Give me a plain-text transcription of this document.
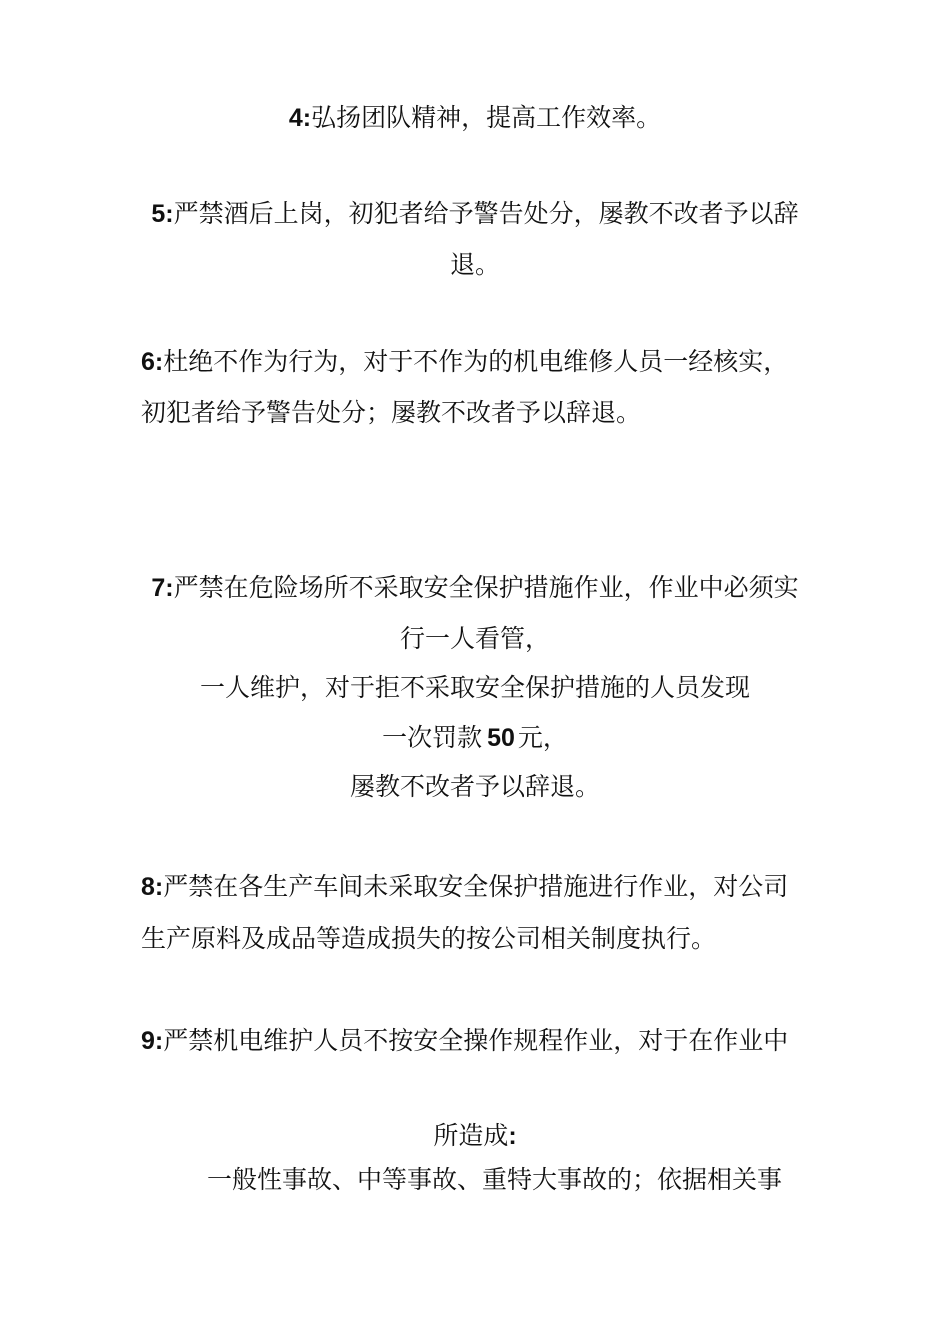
4:弘扬团队精神，提高工作效率。
5:严禁酒后上岗，初犯者给予警告处分，屡教不改者予以辞
退。
6:杜绝不作为行为，对于不作为的机电维修人员一经核实，
初犯者给予警告处分；屡教不改者予以辞退。
7:严禁在危险场所不采取安全保护措施作业，作业中必须实
行一人看管，
一人维护，对于拒不采取安全保护措施的人员发现
一次罚款 50 元，
屡教不改者予以辞退。
8:严禁在各生产车间未采取安全保护措施进行作业，对公司
生产原料及成品等造成损失的按公司相关制度执行。
9:严禁机电维护人员不按安全操作规程作业，对于在作业中
所造成:
一般性事故、中等事故、重特大事故的；依据相关事
